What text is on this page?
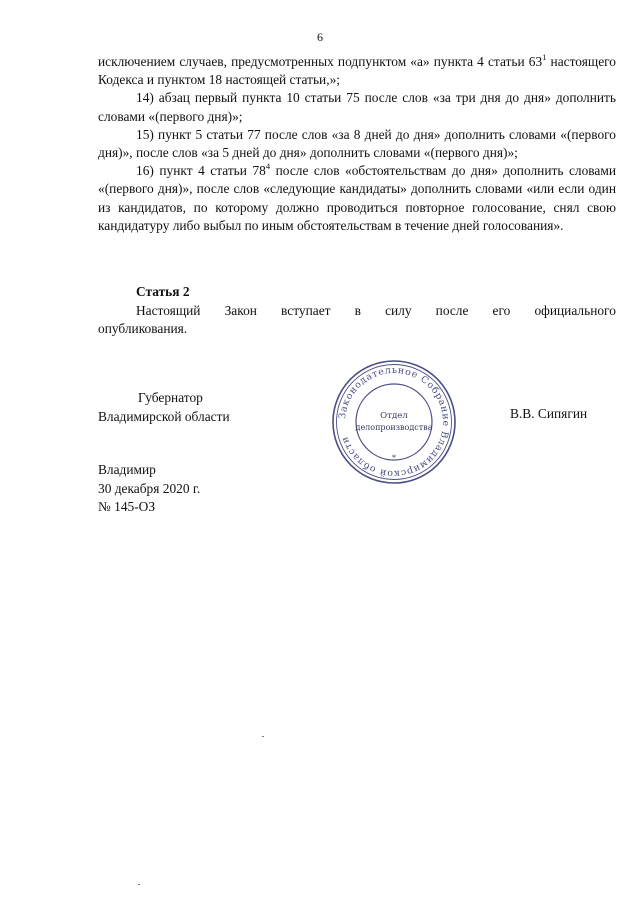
6

исключением случаев, предусмотренных подпунктом «а» пункта 4 статьи $63^1$ настоящего Кодекса и пунктом 18 настоящей статьи,»;

14) абзац первый пункта 10 статьи 75 после слов «за три дня до дня» дополнить словами «(первого дня)»;

15) пункт 5 статьи 77 после слов «за 8 дней до дня» дополнить словами «(первого дня)», после слов «за 5 дней до дня» дополнить словами «(первого дня)»;

16) пункт 4 статьи $78^4$ после слов «обстоятельствам до дня» дополнить словами «(первого дня)», после слов «следующие кандидаты» дополнить словами «или если один из кандидатов, по которому должно проводиться повторное голосование, снял свою кандидатуру либо выбыл по иным обстоятельствам в течение дней голосования».

Статья 2
Настоящий Закон вступает в силу после его официального
опубликования.
Губернатор
Владимирской области	Законодательное Собрание Владимирской области
*
Отдел
делопроизводства
В.В. Сипягин
Владимир
30 декабря 2020 г.
№ 145-ОЗ
